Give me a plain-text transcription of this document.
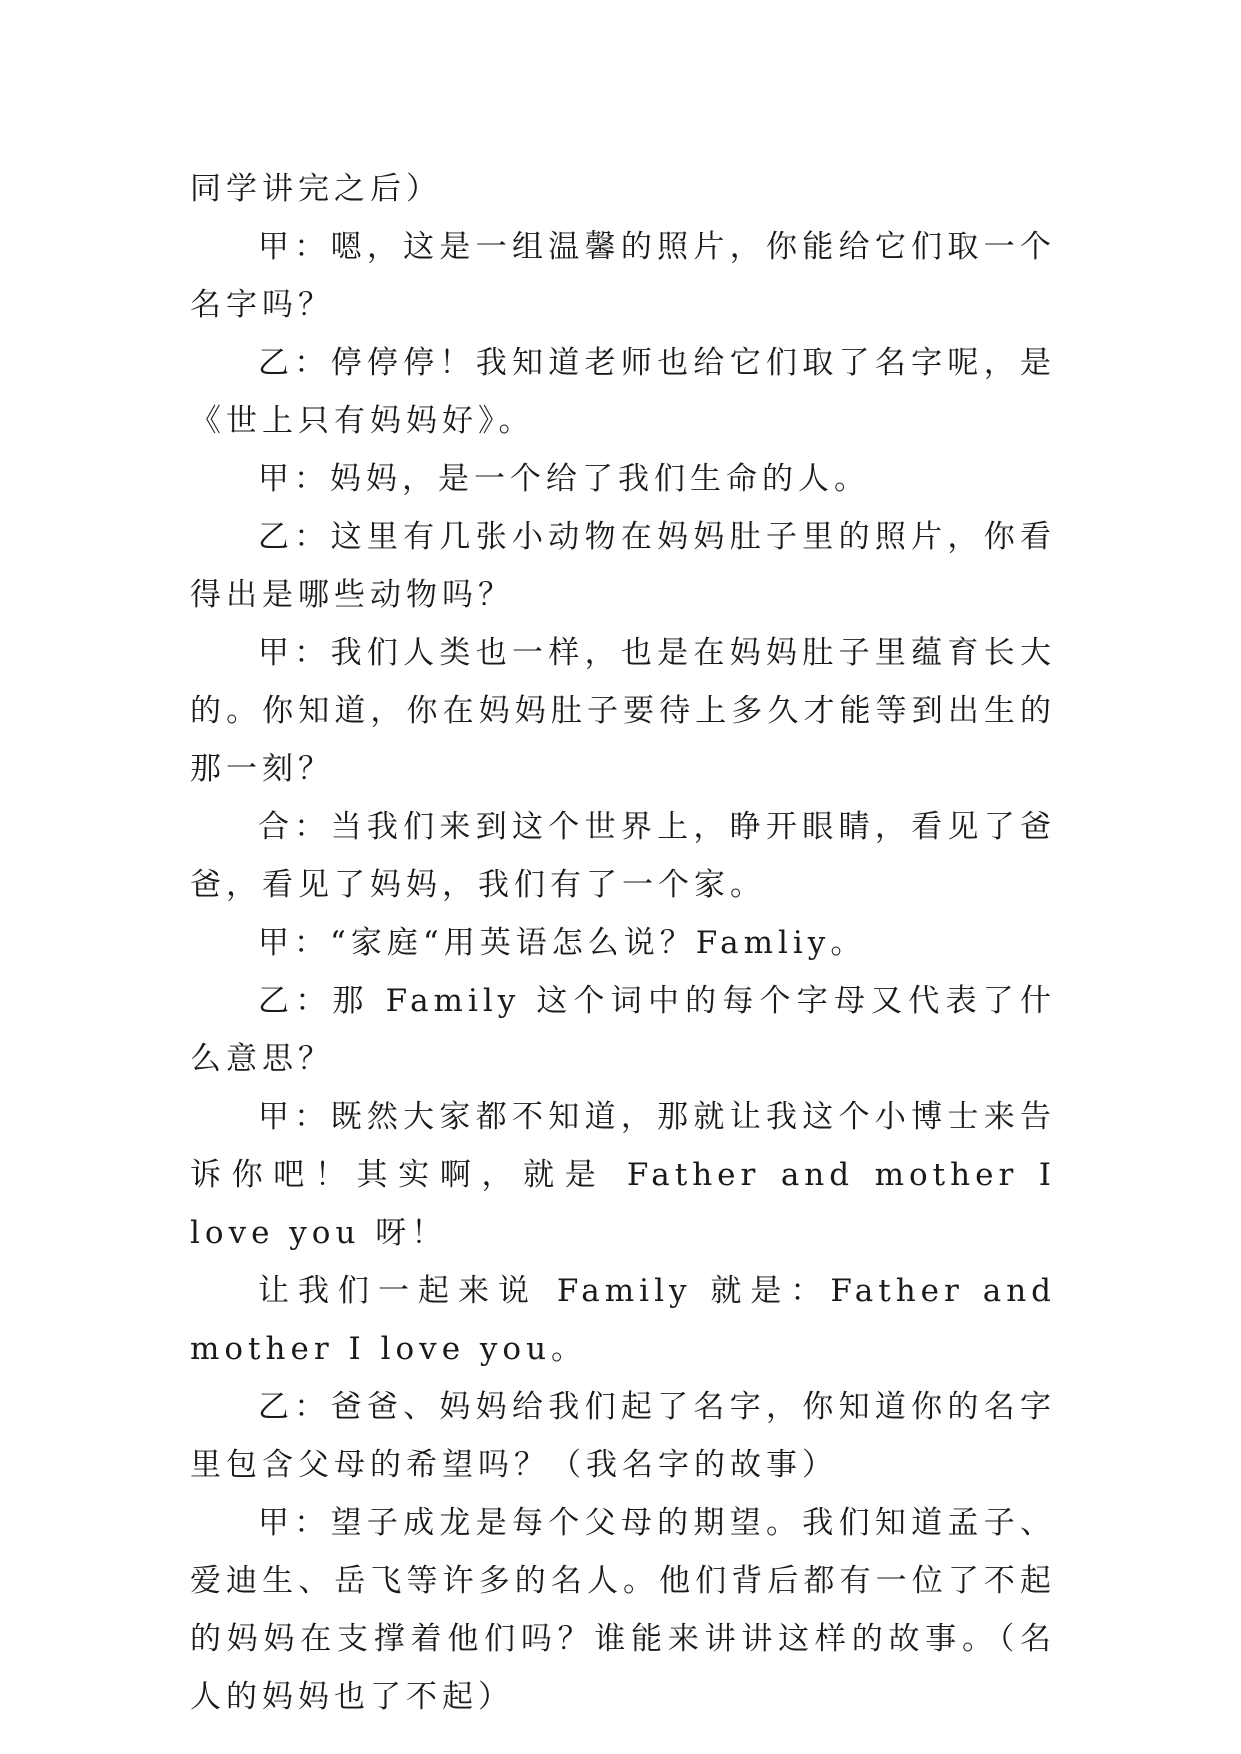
同学讲完之后）

甲：嗯，这是一组温馨的照片，你能给它们取一个名字吗？

乙：停停停！我知道老师也给它们取了名字呢，是《世上只有妈妈好》。

甲：妈妈，是一个给了我们生命的人。

乙：这里有几张小动物在妈妈肚子里的照片，你看得出是哪些动物吗？

甲：我们人类也一样，也是在妈妈肚子里蕴育长大的。你知道，你在妈妈肚子要待上多久才能等到出生的那一刻？

合：当我们来到这个世界上，睁开眼睛，看见了爸爸，看见了妈妈，我们有了一个家。

甲：“家庭“用英语怎么说？Famliy。

乙：那 Family 这个词中的每个字母又代表了什么意思？

甲：既然大家都不知道，那就让我这个小博士来告诉你吧！其实啊，就是 Father and mother I love you 呀！

让我们一起来说 Family 就是：Father and mother I love you。

乙：爸爸、妈妈给我们起了名字，你知道你的名字里包含父母的希望吗？（我名字的故事）

甲：望子成龙是每个父母的期望。我们知道孟子、爱迪生、岳飞等许多的名人。他们背后都有一位了不起的妈妈在支撑着他们吗？谁能来讲讲这样的故事。（名人的妈妈也了不起）
